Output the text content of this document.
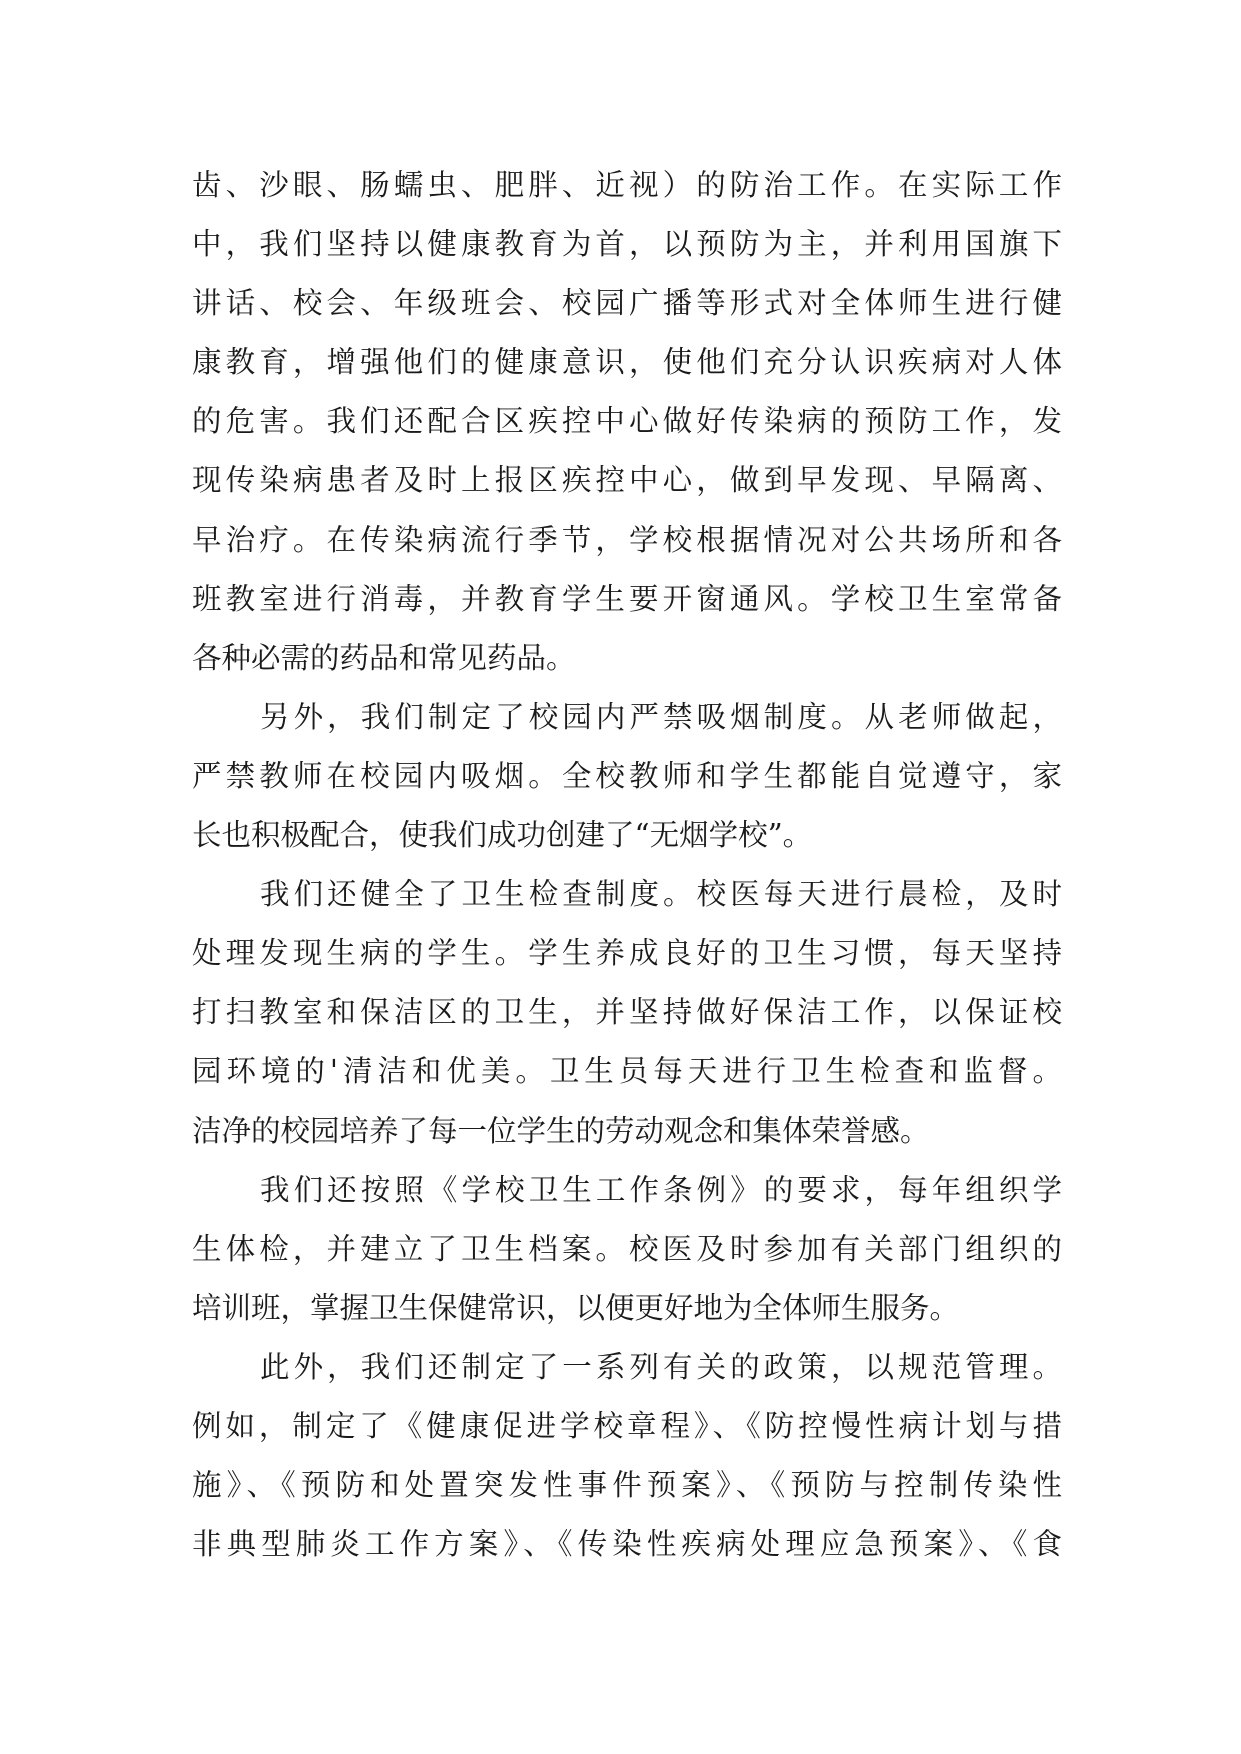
齿、沙眼、肠蠕虫、肥胖、近视）的防治工作。在实际工作
中，我们坚持以健康教育为首，以预防为主，并利用国旗下
讲话、校会、年级班会、校园广播等形式对全体师生进行健
康教育，增强他们的健康意识，使他们充分认识疾病对人体
的危害。我们还配合区疾控中心做好传染病的预防工作，发
现传染病患者及时上报区疾控中心，做到早发现、早隔离、
早治疗。在传染病流行季节，学校根据情况对公共场所和各
班教室进行消毒，并教育学生要开窗通风。学校卫生室常备
各种必需的药品和常见药品。
另外，我们制定了校园内严禁吸烟制度。从老师做起，
严禁教师在校园内吸烟。全校教师和学生都能自觉遵守，家
长也积极配合，使我们成功创建了“无烟学校”。
我们还健全了卫生检查制度。校医每天进行晨检，及时
处理发现生病的学生。学生养成良好的卫生习惯，每天坚持
打扫教室和保洁区的卫生，并坚持做好保洁工作，以保证校
园环境的'清洁和优美。卫生员每天进行卫生检查和监督。
洁净的校园培养了每一位学生的劳动观念和集体荣誉感。
我们还按照《学校卫生工作条例》的要求，每年组织学
生体检，并建立了卫生档案。校医及时参加有关部门组织的
培训班，掌握卫生保健常识，以便更好地为全体师生服务。
此外，我们还制定了一系列有关的政策，以规范管理。
例如，制定了《健康促进学校章程》、《防控慢性病计划与措
施》、《预防和处置突发性事件预案》、《预防与控制传染性
非典型肺炎工作方案》、《传染性疾病处理应急预案》、《食
